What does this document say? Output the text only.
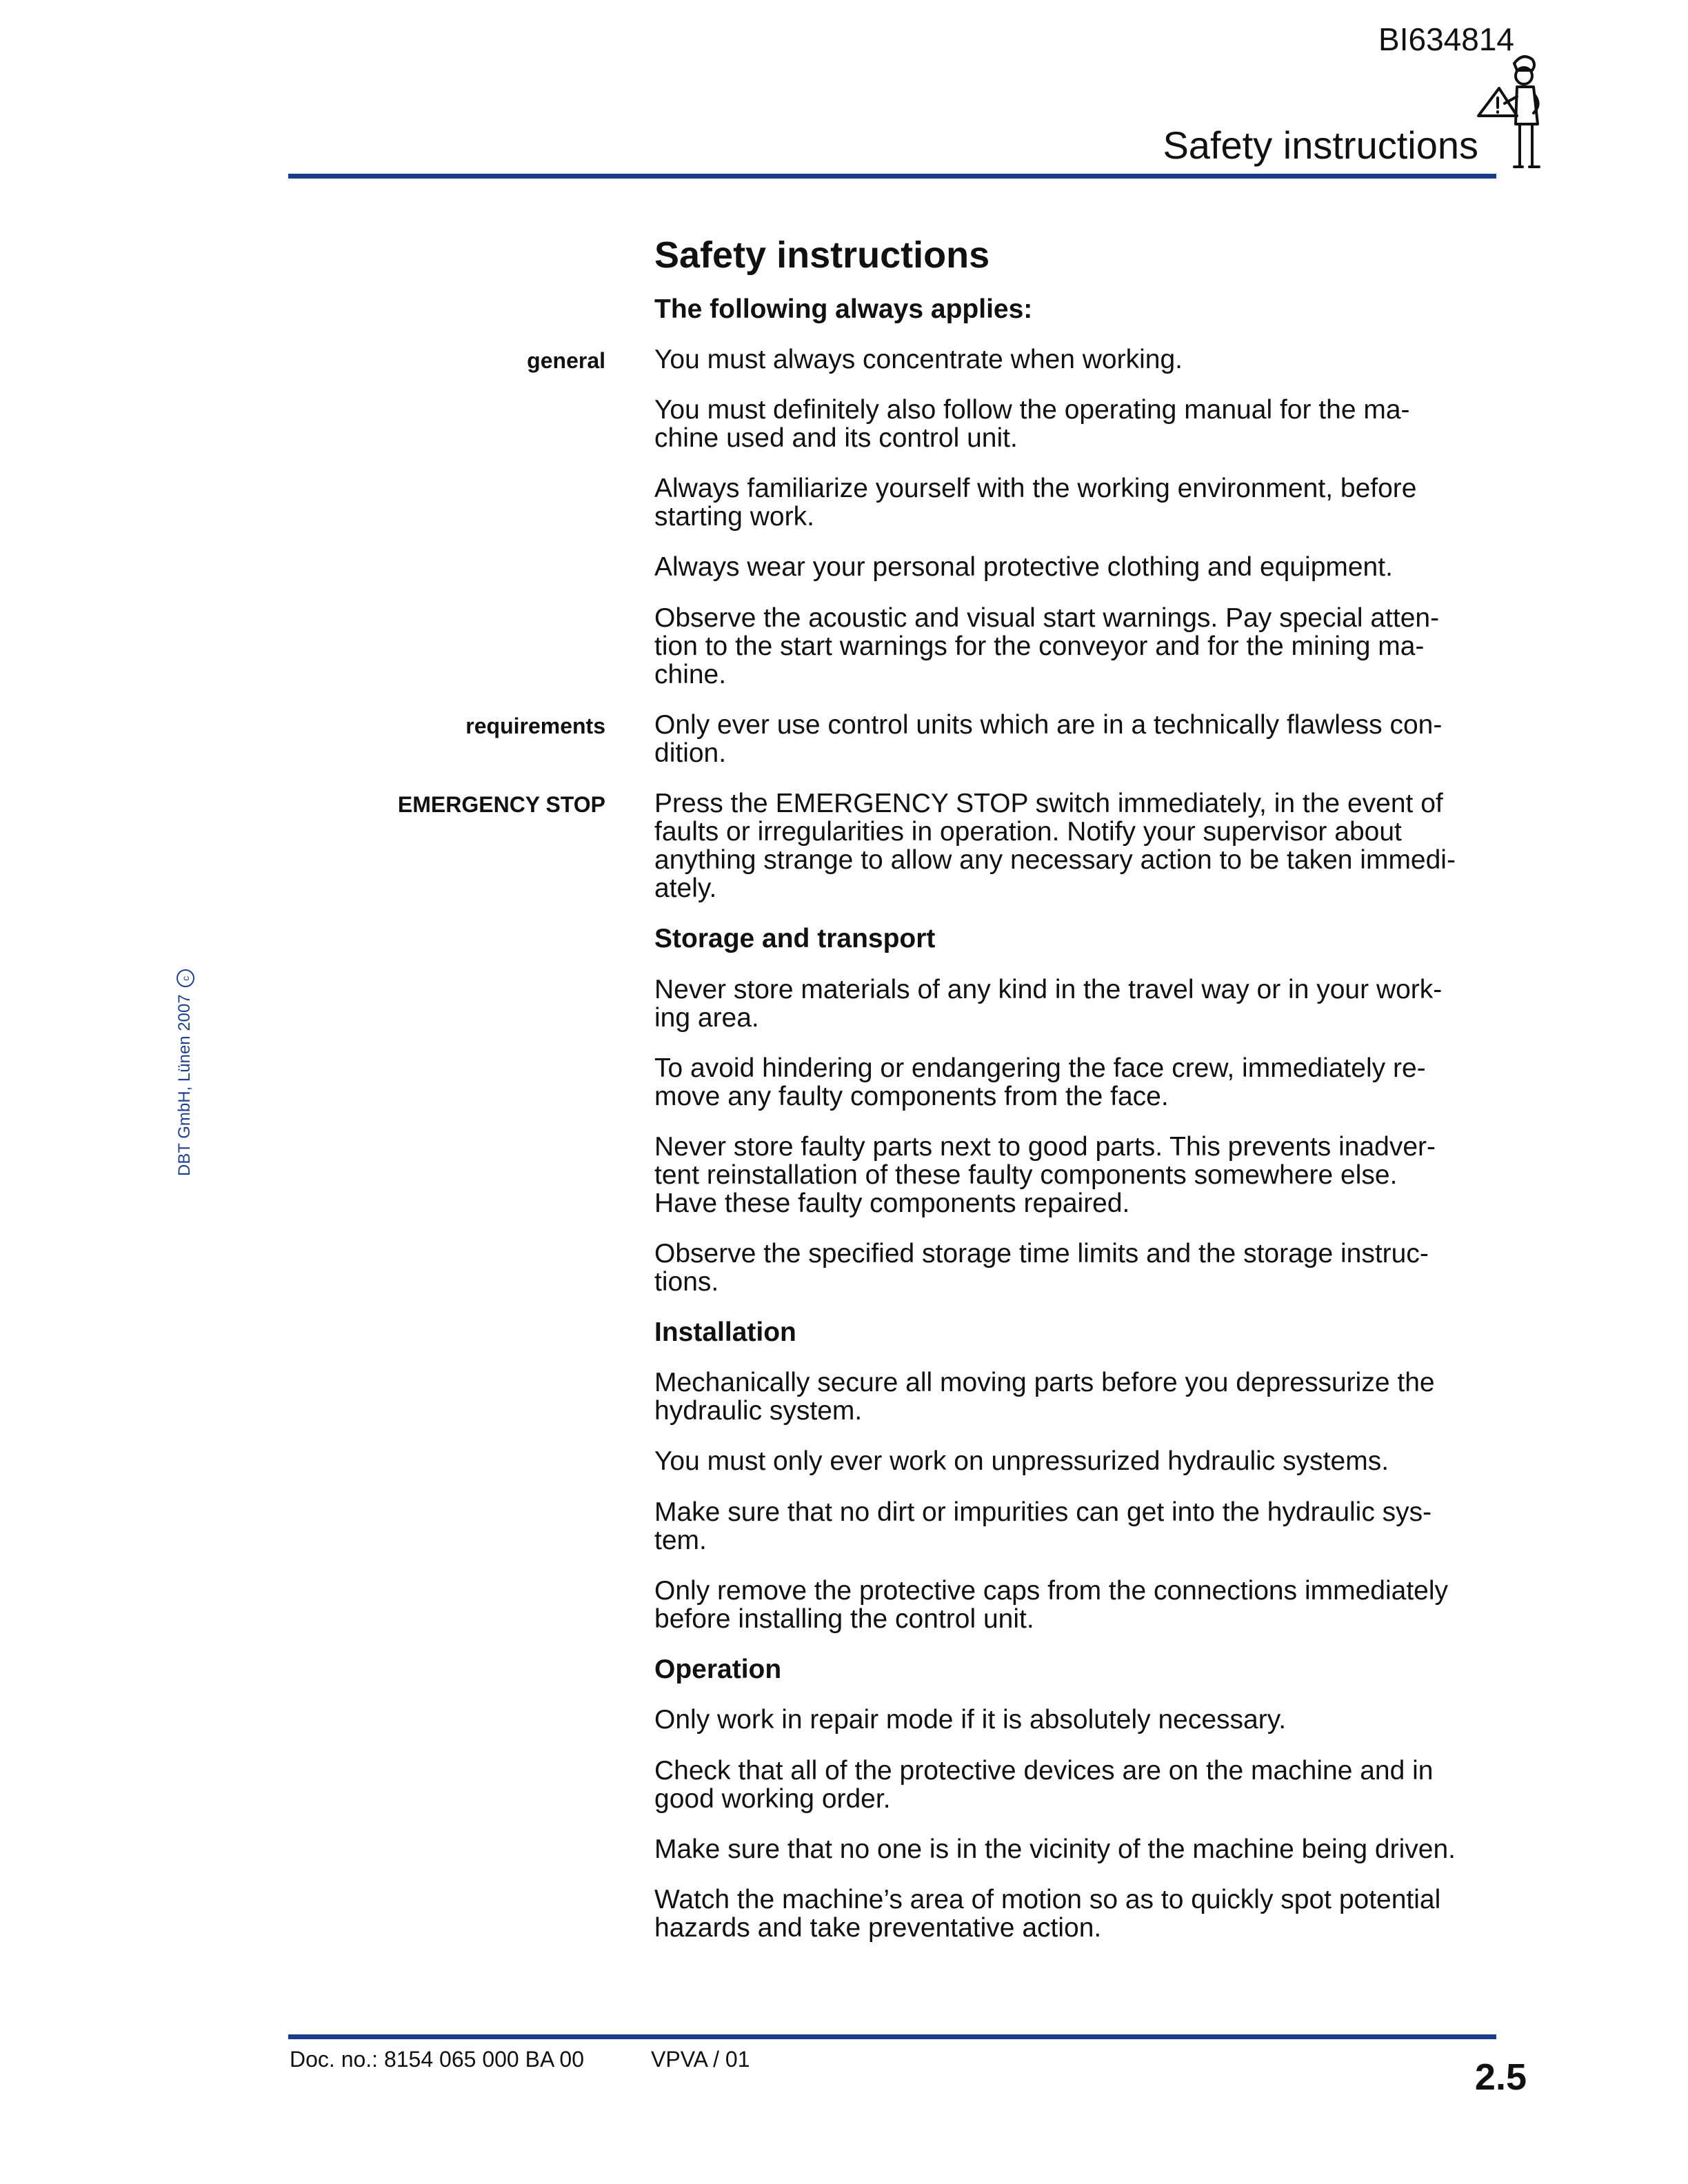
BI634814
Safety instructions
DBT GmbH, Lünen 2007c
general
requirements
EMERGENCY STOP
Safety instructions
The following always applies:
You must always concentrate when working.
You must definitely also follow the operating manual for the ma-
chine used and its control unit.
Always familiarize yourself with the working environment, before
starting work.
Always wear your personal protective clothing and equipment.
Observe the acoustic and visual start warnings. Pay special atten-
tion to the start warnings for the conveyor and for the mining ma-
chine.
Only ever use control units which are in a technically flawless con-
dition.
Press the EMERGENCY STOP switch immediately, in the event of
faults or irregularities in operation. Notify your supervisor about
anything strange to allow any necessary action to be taken immedi-
ately.
Storage and transport
Never store materials of any kind in the travel way or in your work-
ing area.
To avoid hindering or endangering the face crew, immediately re-
move any faulty components from the face.
Never store faulty parts next to good parts. This prevents inadver-
tent reinstallation of these faulty components somewhere else.
Have these faulty components repaired.
Observe the specified storage time limits and the storage instruc-
tions.
Installation
Mechanically secure all moving parts before you depressurize the
hydraulic system.
You must only ever work on unpressurized hydraulic systems.
Make sure that no dirt or impurities can get into the hydraulic sys-
tem.
Only remove the protective caps from the connections immediately
before installing the control unit.
Operation
Only work in repair mode if it is absolutely necessary.
Check that all of the protective devices are on the machine and in
good working order.
Make sure that no one is in the vicinity of the machine being driven.
Watch the machine’s area of motion so as to quickly spot potential
hazards and take preventative action.
Doc. no.: 8154 065 000 BA 00	VPVA / 01	2.5
